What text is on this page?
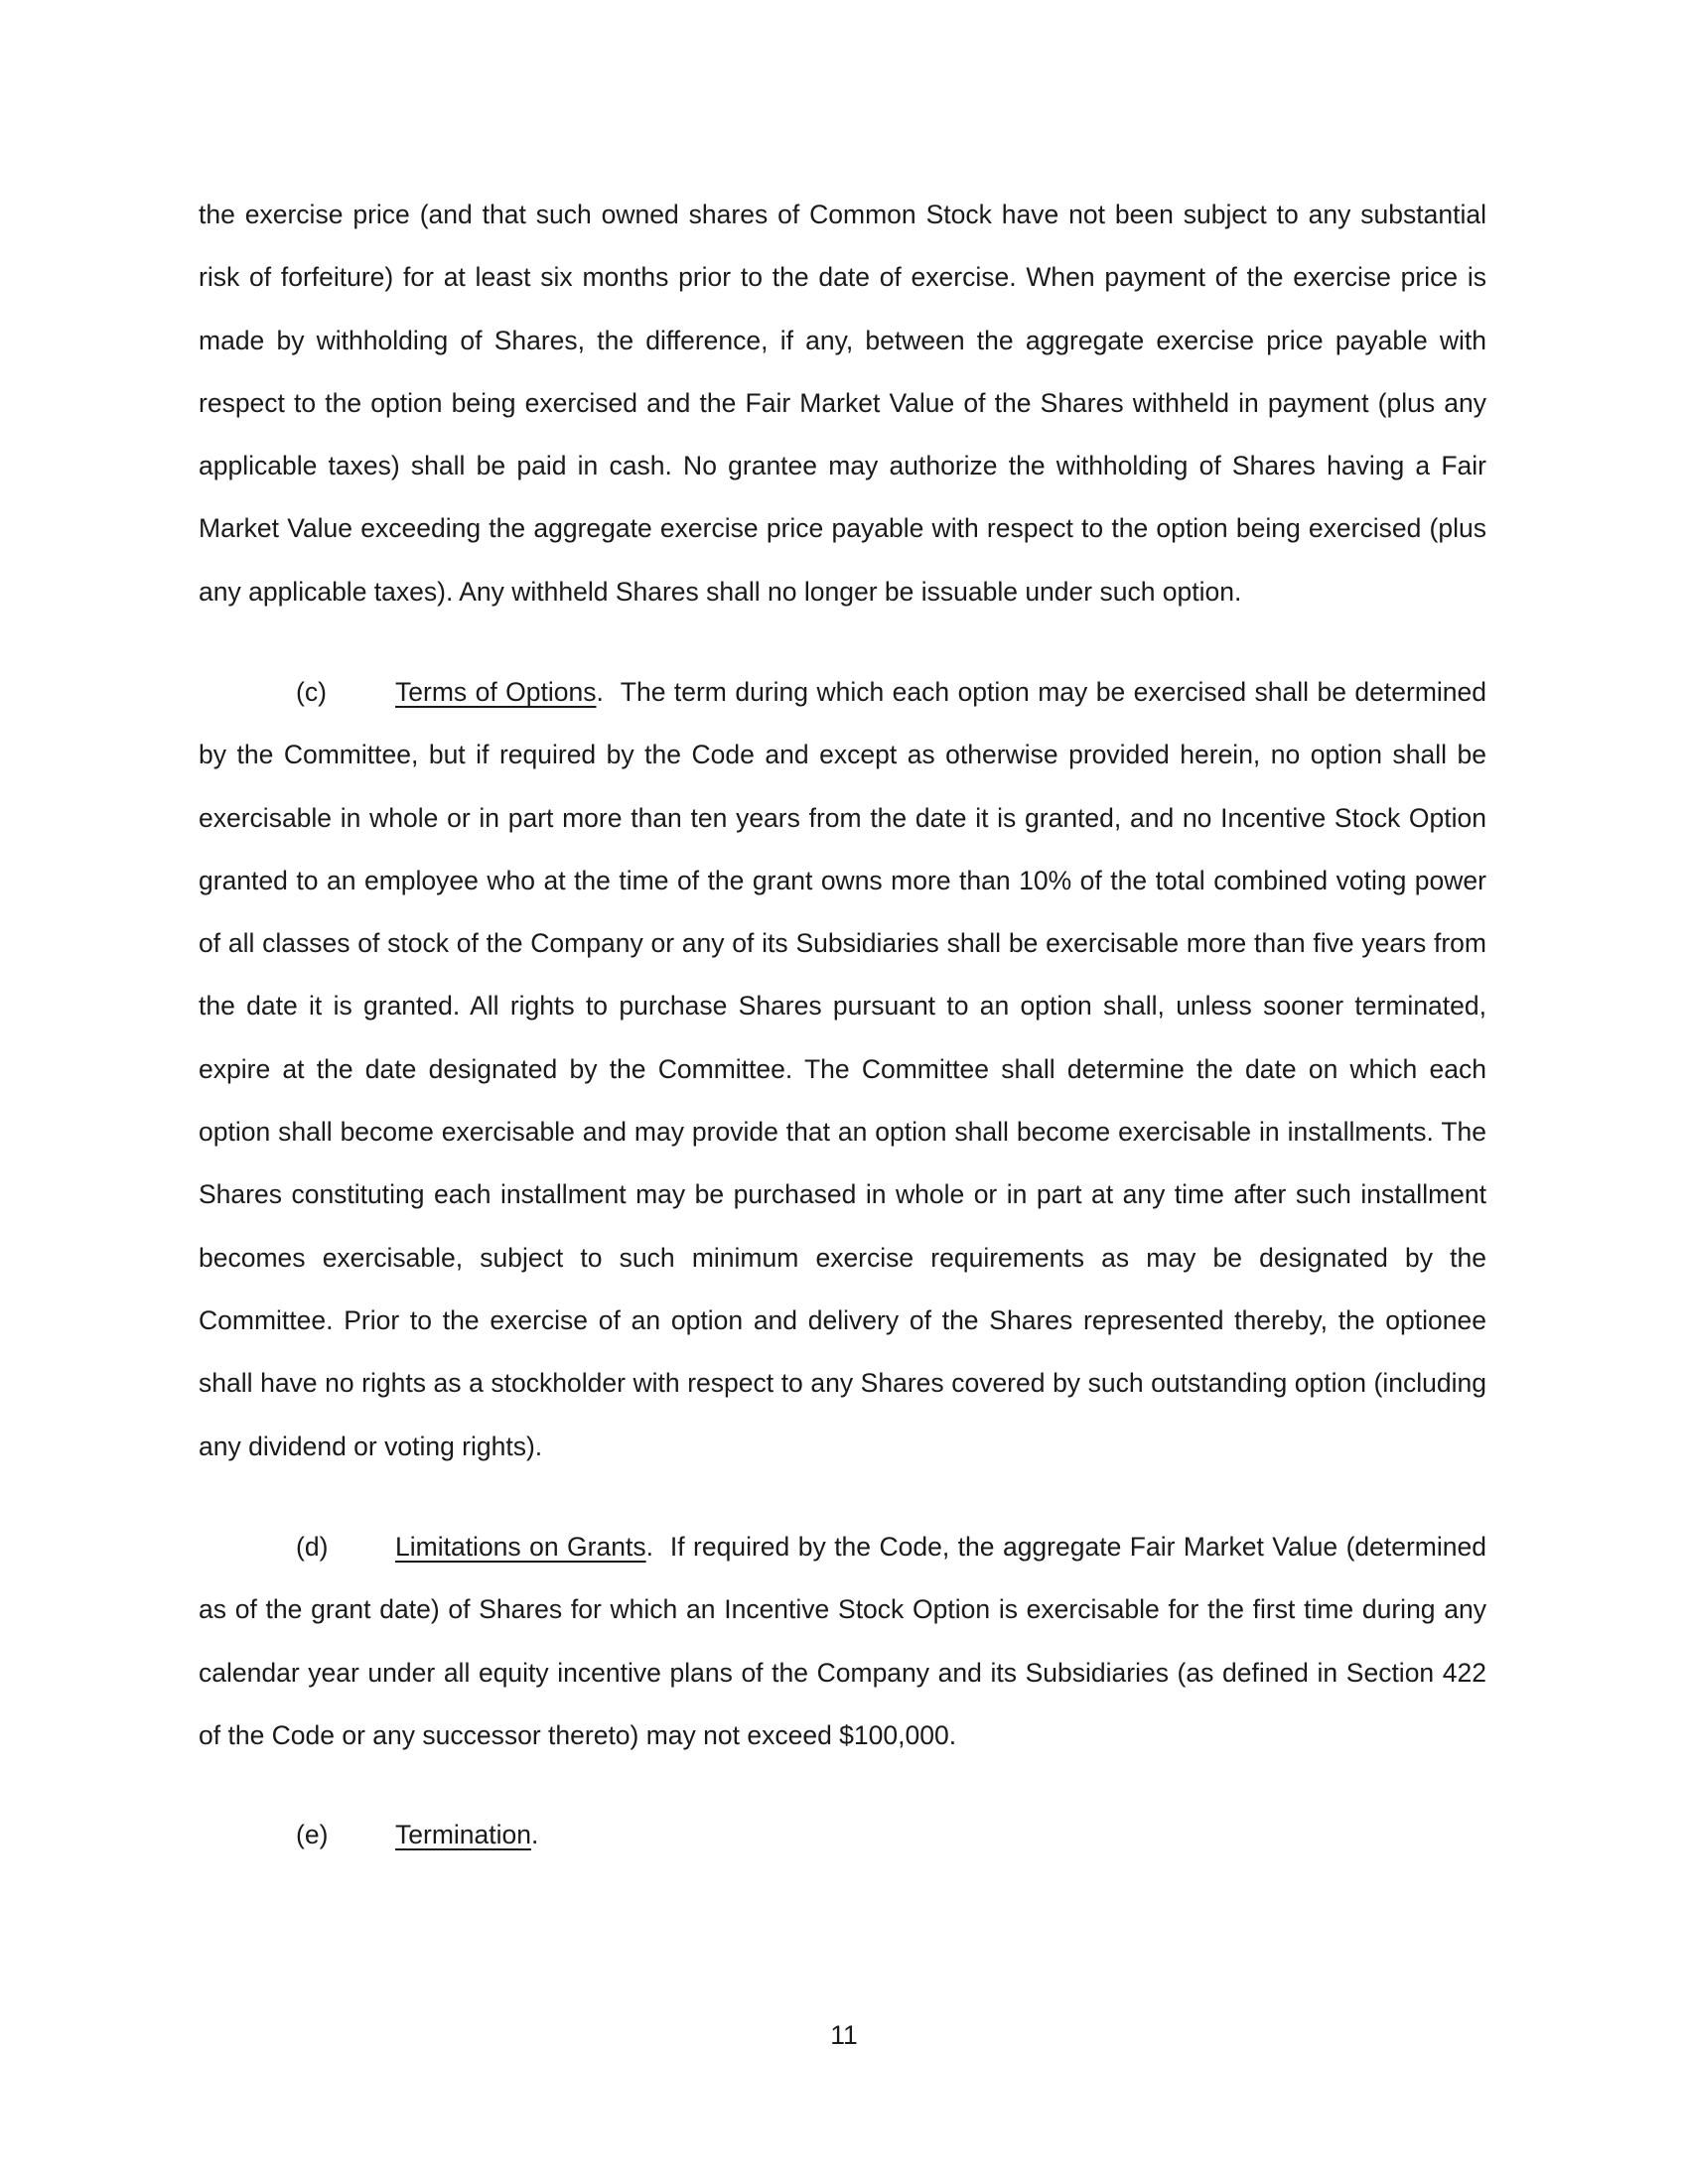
the exercise price (and that such owned shares of Common Stock have not been subject to any substantial risk of forfeiture) for at least six months prior to the date of exercise. When payment of the exercise price is made by withholding of Shares, the difference, if any, between the aggregate exercise price payable with respect to the option being exercised and the Fair Market Value of the Shares withheld in payment (plus any applicable taxes) shall be paid in cash. No grantee may authorize the withholding of Shares having a Fair Market Value exceeding the aggregate exercise price payable with respect to the option being exercised (plus any applicable taxes). Any withheld Shares shall no longer be issuable under such option.

(c)	Terms of Options.  The term during which each option may be exercised shall be determined by the Committee, but if required by the Code and except as otherwise provided herein, no option shall be exercisable in whole or in part more than ten years from the date it is granted, and no Incentive Stock Option granted to an employee who at the time of the grant owns more than 10% of the total combined voting power of all classes of stock of the Company or any of its Subsidiaries shall be exercisable more than five years from the date it is granted. All rights to purchase Shares pursuant to an option shall, unless sooner terminated, expire at the date designated by the Committee. The Committee shall determine the date on which each option shall become exercisable and may provide that an option shall become exercisable in installments. The Shares constituting each installment may be purchased in whole or in part at any time after such installment becomes exercisable, subject to such minimum exercise requirements as may be designated by the Committee. Prior to the exercise of an option and delivery of the Shares represented thereby, the optionee shall have no rights as a stockholder with respect to any Shares covered by such outstanding option (including any dividend or voting rights).

(d)	Limitations on Grants.  If required by the Code, the aggregate Fair Market Value (determined as of the grant date) of Shares for which an Incentive Stock Option is exercisable for the first time during any calendar year under all equity incentive plans of the Company and its Subsidiaries (as defined in Section 422 of the Code or any successor thereto) may not exceed $100,000.

(e)	Termination.

11
